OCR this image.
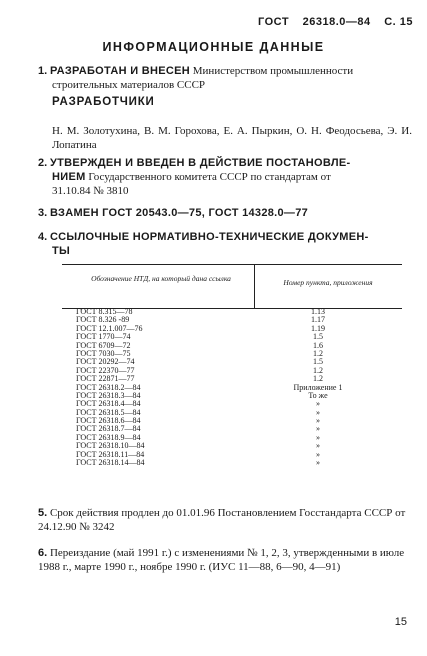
ГОСТ 26318.0—84 С. 15
ИНФОРМАЦИОННЫЕ ДАННЫЕ
1. РАЗРАБОТАН И ВНЕСЕН Министерством промышленности
строительных материалов СССР
РАЗРАБОТЧИКИ
Н. М. Золотухина, В. М. Горохова, Е. А. Пыркин, О. Н. Феодосьева, Э. И. Лопатина
2. УТВЕРЖДЕН И ВВЕДЕН В ДЕЙСТВИЕ ПОСТАНОВЛЕ-
НИЕМ Государственного комитета СССР по стандартам от
31.10.84 № 3810
3. ВЗАМЕН ГОСТ 20543.0—75, ГОСТ 14328.0—77
4. ССЫЛОЧНЫЕ НОРМАТИВНО-ТЕХНИЧЕСКИЕ ДОКУМЕН-
ТЫ
Обозначение НТД, на который дана ссылка	Номер пункта, приложения
ГОСТ 8.315—78	1.13
ГОСТ 8.326 -89	1.17
ГОСТ 12.1.007—76	1.19
ГОСТ 1770—74	1.5
ГОСТ 6709—72	1.6
ГОСТ 7030—75	1.2
ГОСТ 20292—74	1.5
ГОСТ 22370—77	1.2
ГОСТ 22871—77	1.2
ГОСТ 26318.2—84	Приложение 1
ГОСТ 26318.3—84	То же
ГОСТ 26318.4—84	»
ГОСТ 26318.5—84	»
ГОСТ 26318.6—84	»
ГОСТ 26318.7—84	»
ГОСТ 26318.9—84	»
ГОСТ 26318.10—84	»
ГОСТ 26318.11—84	»
ГОСТ 26318.14—84	»
5. Срок действия продлен до 01.01.96 Постановлением Госстандарта СССР от 24.12.90 № 3242
6. Переиздание (май 1991 г.) с изменениями № 1, 2, 3, утвержденными в июле 1988 г., марте 1990 г., ноябре 1990 г. (ИУС 11—88, 6—90, 4—91)
15
